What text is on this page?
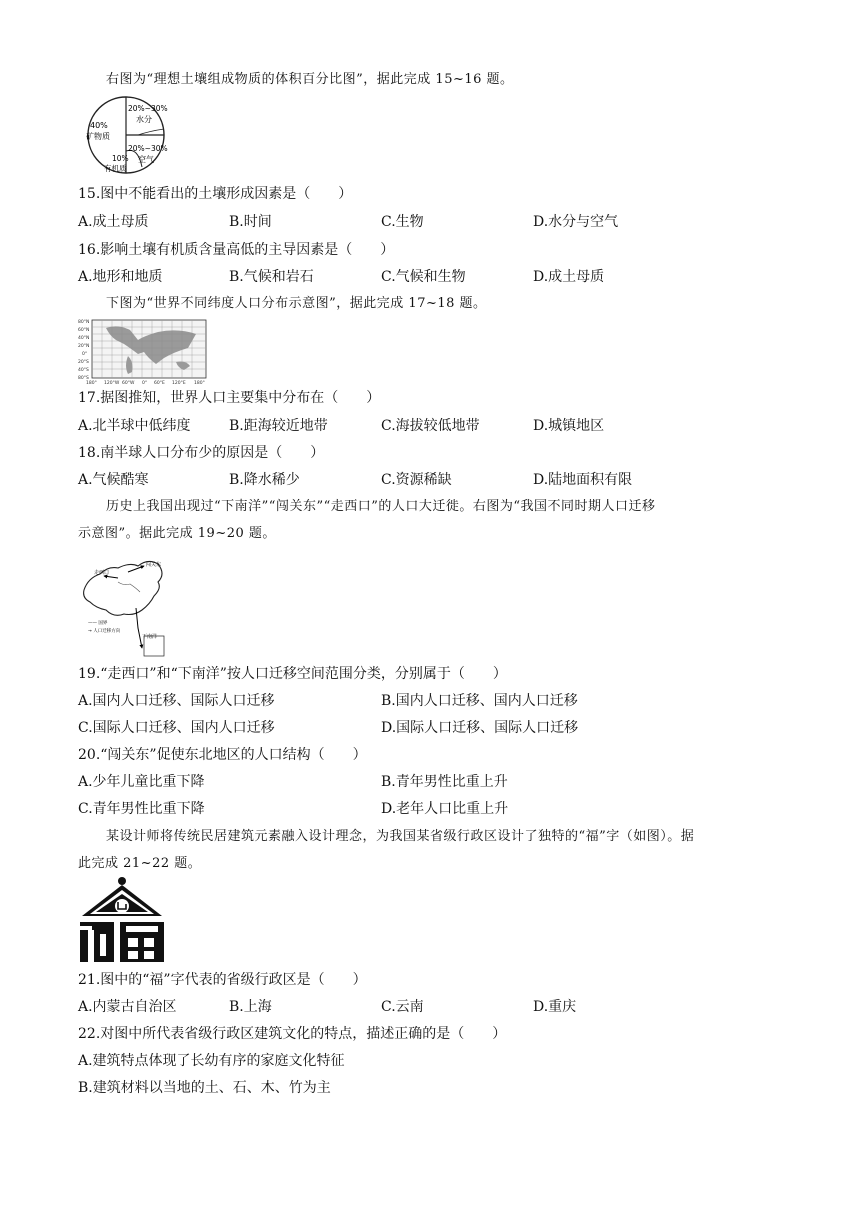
右图为“理想土壤组成物质的体积百分比图”，据此完成 15~16 题。
40%
矿物质
20%~30%
水分
20%~30%
空气
10%
有机质
15.图中不能看出的土壤形成因素是（　　）
A.成土母质	B.时间	C.生物	D.水分与空气
16.影响土壤有机质含量高低的主导因素是（　　）
A.地形和地质	B.气候和岩石	C.气候和生物	D.成土母质
下图为“世界不同纬度人口分布示意图”，据此完成 17~18 题。
80°N
60°N
40°N
20°N
0°
20°S
40°S
80°S
180° 120°W 60°W 0° 60°E 120°E 180°
17.据图推知，世界人口主要集中分布在（　　）
A.北半球中低纬度	B.距海较近地带	C.海拔较低地带	D.城镇地区
18.南半球人口分布少的原因是（　　）
A.气候酷寒	B.降水稀少	C.资源稀缺	D.陆地面积有限
历史上我国出现过“下南洋”“闯关东”“走西口”的人口大迁徙。右图为“我国不同时期人口迁移
示意图”。据此完成 19~20 题。
闯关东
走西口
下南洋
—— 国界
→ 人口迁移方向
19.“走西口”和“下南洋”按人口迁移空间范围分类，分别属于（　　）
A.国内人口迁移、国际人口迁移	B.国内人口迁移、国内人口迁移
C.国际人口迁移、国内人口迁移	D.国际人口迁移、国际人口迁移
20.“闯关东”促使东北地区的人口结构（　　）
A.少年儿童比重下降	B.青年男性比重上升
C.青年男性比重下降	D.老年人口比重上升
某设计师将传统民居建筑元素融入设计理念，为我国某省级行政区设计了独特的“福”字（如图）。据
此完成 21~22 题。
21.图中的“福”字代表的省级行政区是（　　）
A.内蒙古自治区	B.上海	C.云南	D.重庆
22.对图中所代表省级行政区建筑文化的特点，描述正确的是（　　）
A.建筑特点体现了长幼有序的家庭文化特征
B.建筑材料以当地的土、石、木、竹为主
